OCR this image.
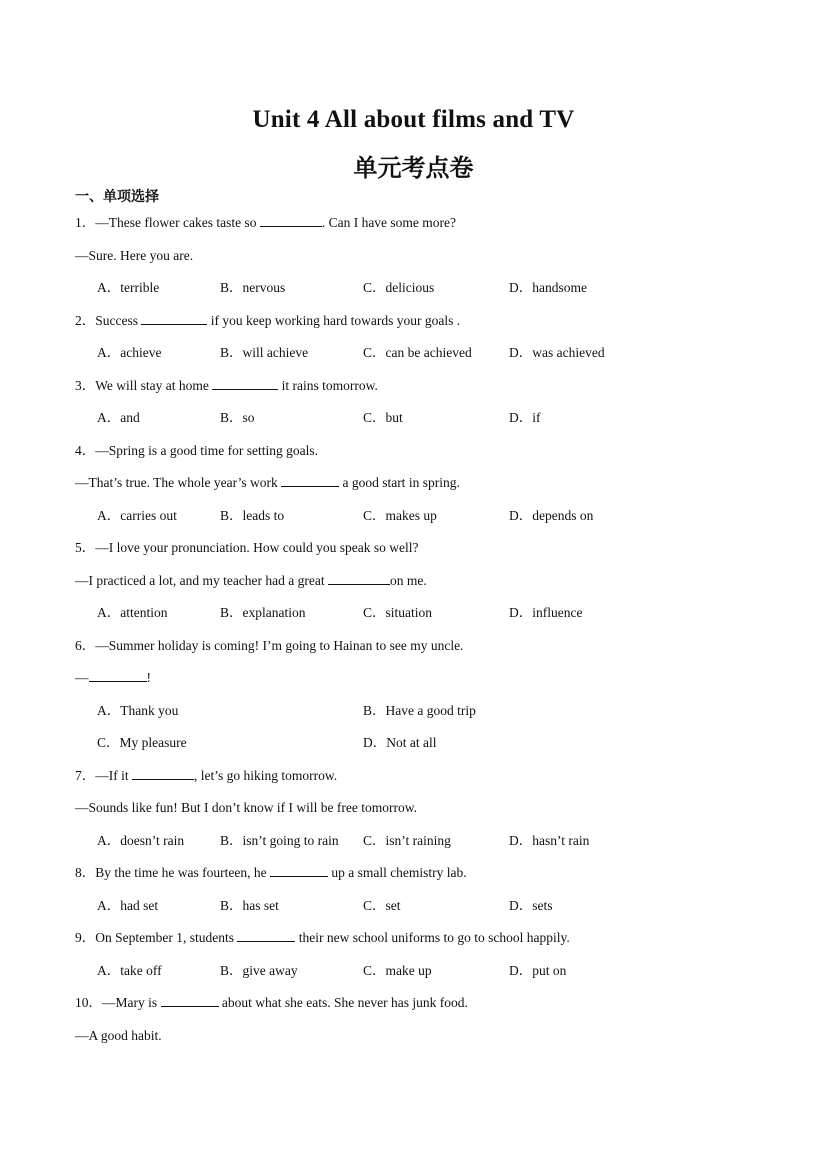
Unit 4 All about films and TV
单元考点卷
一、单项选择
1．—These flower cakes taste so	. Can I have some more?
—Sure. Here you are.
A．terrible	B．nervous	C．delicious	D．handsome
2．Success	if you keep working hard towards your goals .
A．achieve	B．will achieve	C．can be achieved	D．was achieved
3．We will stay at home	it rains tomorrow.
A．and	B．so	C．but	D．if
4．—Spring is a good time for setting goals.
—That’s true. The whole year’s work	a good start in spring.
A．carries out	B．leads to	C．makes up	D．depends on
5．—I love your pronunciation. How could you speak so well?
—I practiced a lot, and my teacher had a great	on me.
A．attention	B．explanation	C．situation	D．influence
6．—Summer holiday is coming! I’m going to Hainan to see my uncle.
—	!
A．Thank you	B．Have a good trip
C．My pleasure	D．Not at all
7．—If it	, let’s go hiking tomorrow.
—Sounds like fun! But I don’t know if I will be free tomorrow.
A．doesn’t rain	B．isn’t going to rain C．isn’t raining	D．hasn’t rain
8．By the time he was fourteen, he	up a small chemistry lab.
A．had set	B．has set	C．set	D．sets
9．On September 1, students	their new school uniforms to go to school happily.
A．take off	B．give away	C．make up	D．put on
10．—Mary is	about what she eats. She never has junk food.
—A good habit.
